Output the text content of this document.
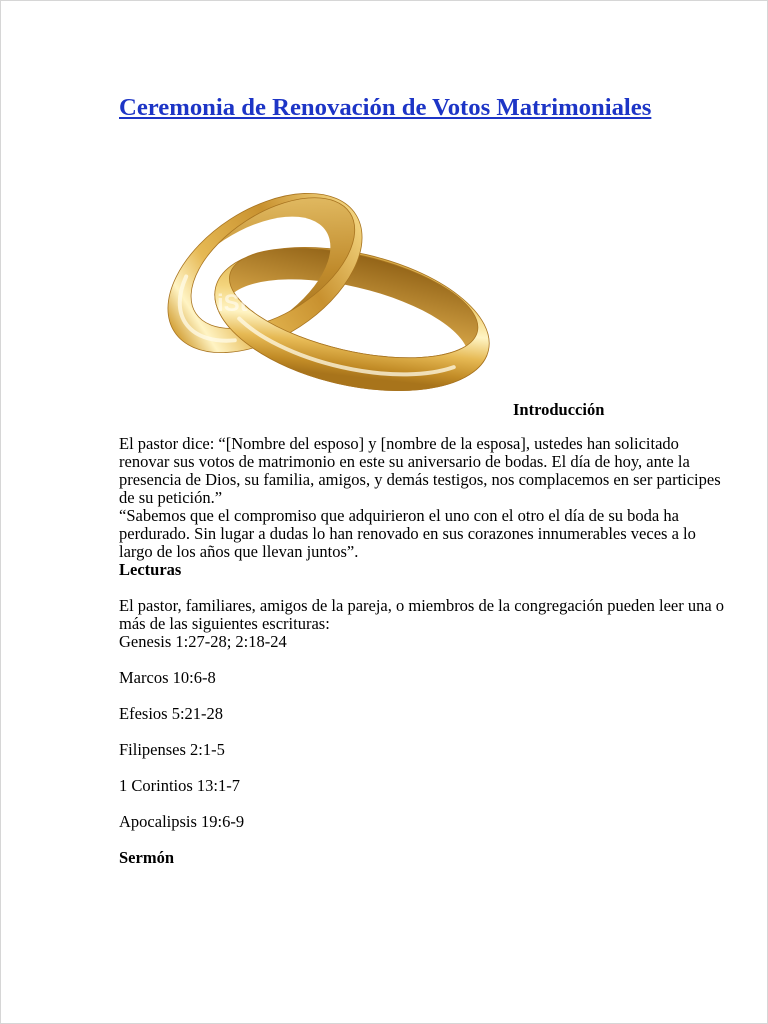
Ceremonia de Renovación de Votos Matrimoniales
iStock
Introducción

El pastor dice: “[Nombre del esposo] y [nombre de la esposa], ustedes han solicitado
renovar sus votos de matrimonio en este su aniversario de bodas. El día de hoy, ante la
presencia de Dios, su familia, amigos, y demás testigos, nos complacemos en ser participes
de su petición.”

“Sabemos que el compromiso que adquirieron el uno con el otro el día de su boda ha
perdurado. Sin lugar a dudas lo han renovado en sus corazones innumerables veces a lo
largo de los años que llevan juntos”.

Lecturas

El pastor, familiares, amigos de la pareja, o miembros de la congregación pueden leer una o
más de las siguientes escrituras:

Genesis 1:27-28; 2:18-24
Marcos 10:6-8
Efesios 5:21-28
Filipenses 2:1-5
1 Corintios 13:1-7
Apocalipsis 19:6-9
Sermón
